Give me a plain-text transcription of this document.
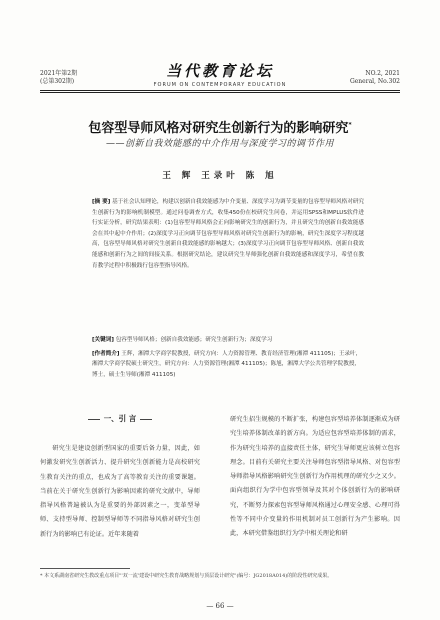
2021年第2期
(总第302期)
当代教育论坛
FORUM ON CONTEMPORARY EDUCATION
NO.2, 2021
General, No.302
包容型导师风格对研究生创新行为的影响研究*
——创新自我效能感的中介作用与深度学习的调节作用
王 辉 王录叶 陈 旭
[摘 要] 基于社会认知理论，构建以创新自我效能感为中介变量、深度学习为调节变量的包容型导师风格对研究生创新行为的影响机制模型。通过问卷调查方式，收集450份在校研究生问卷，并运用SPSS和MPLUS软件进行实证分析，研究结果表明：(1)包容型导师风格会正向影响研究生的创新行为，并且研究生的创新自我效能感会在其中起中介作用；(2)深度学习正向调节包容型导师风格对研究生创新行为的影响，研究生深度学习程度越高，包容型导师风格对研究生创新自我效能感的影响越大；(3)深度学习正向调节包容型导师风格、创新自我效能感和创新行为之间的间接关系。根据研究结论，建议研究生导师强化创新自我效能感和深度学习，希望在教育教学过程中积极践行包容型指导风格。
[关键词] 包容型导师风格；创新自我效能感；研究生创新行为；深度学习
[作者简介] 王辉，湘潭大学商学院教授，研究方向：人力资源管理、教育经济管理(湘潭 411105)；王录叶，湘潭大学商学院硕士研究生，研究方向：人力资源管理(湘潭 411105)；陈旭，湘潭大学公共管理学院教授，博士，硕士生导师(湘潭 411105)
一、引 言
研究生是建设创新型国家的重要后备力量，因此，如何激发研究生创新活力、提升研究生创新能力是高校研究生教育关注的重点，也成为了高等教育关注的重要课题。当前在关于研究生创新行为影响因素的研究文献中，导师指导风格普遍被认为是重要的外部因素之一，变革型导师、支持型导师、控制型导师等不同指导风格对研究生创新行为的影响已有论证。近年来随着
研究生招生规模的不断扩张，构建包容型培养体制逐渐成为研究生培养体制改革的新方向。为适应包容型培养体制的需求，作为研究生培养的直接责任主体，研究生导师更应该树立包容理念。目前有关研究主要关注导师包容型指导风格、对包容型导师指导风格影响研究生创新行为作用机理的研究少之又少。面向组织行为学中包容型领导及其对个体创新行为的影响研究，不断努力探索包容型导师风格通过心理安全感、心理可得性等不同中介变量的作用机制对员工创新行为产生影响。因此，本研究借鉴组织行为学中相关理论和研
* 本文系湖南省研究生教改重点项目"'双一流'建设中研究生教育战略规划与顶层设计研究"(编号：JG2018A014)的阶段性研究成果。
— 66 —
